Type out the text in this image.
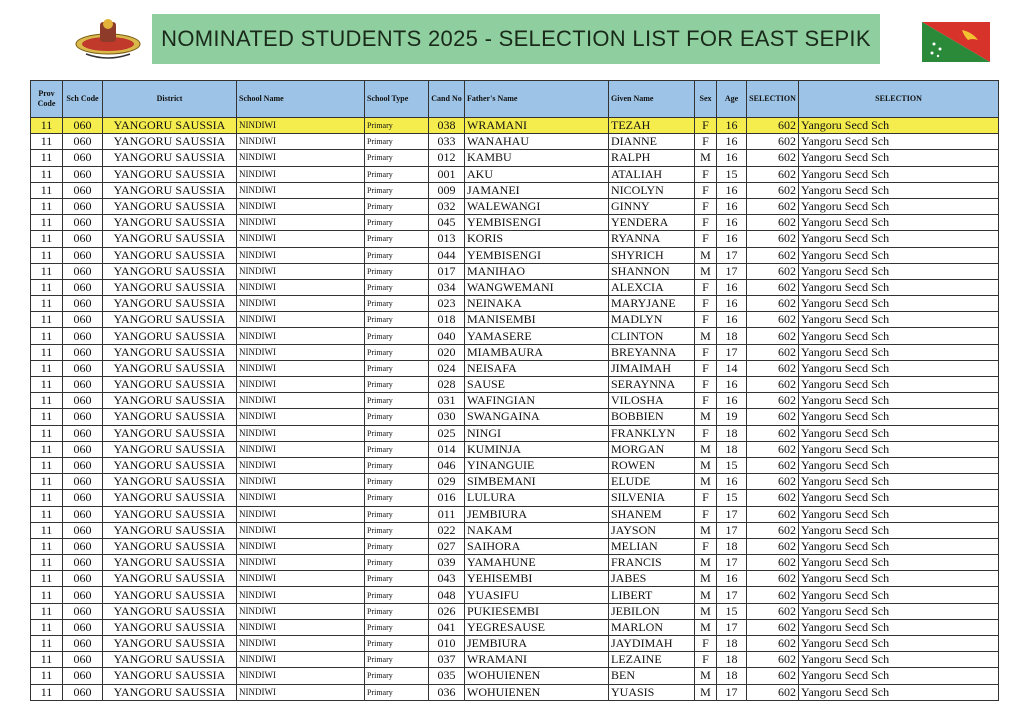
NOMINATED STUDENTS 2025 - SELECTION LIST FOR EAST SEPIK
Prov Code	Sch Code	District	School Name	School Type	Cand No	Father's Name	Given Name	Sex	Age	SELECTION	SELECTION
11	060	YANGORU SAUSSIA	NINDIWI	Primary	038	WRAMANI	TEZAH	F	16	602	Yangoru Secd Sch
11	060	YANGORU SAUSSIA	NINDIWI	Primary	033	WANAHAU	DIANNE	F	16	602	Yangoru Secd Sch
11	060	YANGORU SAUSSIA	NINDIWI	Primary	012	KAMBU	RALPH	M	16	602	Yangoru Secd Sch
11	060	YANGORU SAUSSIA	NINDIWI	Primary	001	AKU	ATALIAH	F	15	602	Yangoru Secd Sch
11	060	YANGORU SAUSSIA	NINDIWI	Primary	009	JAMANEI	NICOLYN	F	16	602	Yangoru Secd Sch
11	060	YANGORU SAUSSIA	NINDIWI	Primary	032	WALEWANGI	GINNY	F	16	602	Yangoru Secd Sch
11	060	YANGORU SAUSSIA	NINDIWI	Primary	045	YEMBISENGI	YENDERA	F	16	602	Yangoru Secd Sch
11	060	YANGORU SAUSSIA	NINDIWI	Primary	013	KORIS	RYANNA	F	16	602	Yangoru Secd Sch
11	060	YANGORU SAUSSIA	NINDIWI	Primary	044	YEMBISENGI	SHYRICH	M	17	602	Yangoru Secd Sch
11	060	YANGORU SAUSSIA	NINDIWI	Primary	017	MANIHAO	SHANNON	M	17	602	Yangoru Secd Sch
11	060	YANGORU SAUSSIA	NINDIWI	Primary	034	WANGWEMANI	ALEXCIA	F	16	602	Yangoru Secd Sch
11	060	YANGORU SAUSSIA	NINDIWI	Primary	023	NEINAKA	MARYJANE	F	16	602	Yangoru Secd Sch
11	060	YANGORU SAUSSIA	NINDIWI	Primary	018	MANISEMBI	MADLYN	F	16	602	Yangoru Secd Sch
11	060	YANGORU SAUSSIA	NINDIWI	Primary	040	YAMASERE	CLINTON	M	18	602	Yangoru Secd Sch
11	060	YANGORU SAUSSIA	NINDIWI	Primary	020	MIAMBAURA	BREYANNA	F	17	602	Yangoru Secd Sch
11	060	YANGORU SAUSSIA	NINDIWI	Primary	024	NEISAFA	JIMAIMAH	F	14	602	Yangoru Secd Sch
11	060	YANGORU SAUSSIA	NINDIWI	Primary	028	SAUSE	SERAYNNA	F	16	602	Yangoru Secd Sch
11	060	YANGORU SAUSSIA	NINDIWI	Primary	031	WAFINGIAN	VILOSHA	F	16	602	Yangoru Secd Sch
11	060	YANGORU SAUSSIA	NINDIWI	Primary	030	SWANGAINA	BOBBIEN	M	19	602	Yangoru Secd Sch
11	060	YANGORU SAUSSIA	NINDIWI	Primary	025	NINGI	FRANKLYN	F	18	602	Yangoru Secd Sch
11	060	YANGORU SAUSSIA	NINDIWI	Primary	014	KUMINJA	MORGAN	M	18	602	Yangoru Secd Sch
11	060	YANGORU SAUSSIA	NINDIWI	Primary	046	YINANGUIE	ROWEN	M	15	602	Yangoru Secd Sch
11	060	YANGORU SAUSSIA	NINDIWI	Primary	029	SIMBEMANI	ELUDE	M	16	602	Yangoru Secd Sch
11	060	YANGORU SAUSSIA	NINDIWI	Primary	016	LULURA	SILVENIA	F	15	602	Yangoru Secd Sch
11	060	YANGORU SAUSSIA	NINDIWI	Primary	011	JEMBIURA	SHANEM	F	17	602	Yangoru Secd Sch
11	060	YANGORU SAUSSIA	NINDIWI	Primary	022	NAKAM	JAYSON	M	17	602	Yangoru Secd Sch
11	060	YANGORU SAUSSIA	NINDIWI	Primary	027	SAIHORA	MELIAN	F	18	602	Yangoru Secd Sch
11	060	YANGORU SAUSSIA	NINDIWI	Primary	039	YAMAHUNE	FRANCIS	M	17	602	Yangoru Secd Sch
11	060	YANGORU SAUSSIA	NINDIWI	Primary	043	YEHISEMBI	JABES	M	16	602	Yangoru Secd Sch
11	060	YANGORU SAUSSIA	NINDIWI	Primary	048	YUASIFU	LIBERT	M	17	602	Yangoru Secd Sch
11	060	YANGORU SAUSSIA	NINDIWI	Primary	026	PUKIESEMBI	JEBILON	M	15	602	Yangoru Secd Sch
11	060	YANGORU SAUSSIA	NINDIWI	Primary	041	YEGRESAUSE	MARLON	M	17	602	Yangoru Secd Sch
11	060	YANGORU SAUSSIA	NINDIWI	Primary	010	JEMBIURA	JAYDIMAH	F	18	602	Yangoru Secd Sch
11	060	YANGORU SAUSSIA	NINDIWI	Primary	037	WRAMANI	LEZAINE	F	18	602	Yangoru Secd Sch
11	060	YANGORU SAUSSIA	NINDIWI	Primary	035	WOHUIENEN	BEN	M	18	602	Yangoru Secd Sch
11	060	YANGORU SAUSSIA	NINDIWI	Primary	036	WOHUIENEN	YUASIS	M	17	602	Yangoru Secd Sch
